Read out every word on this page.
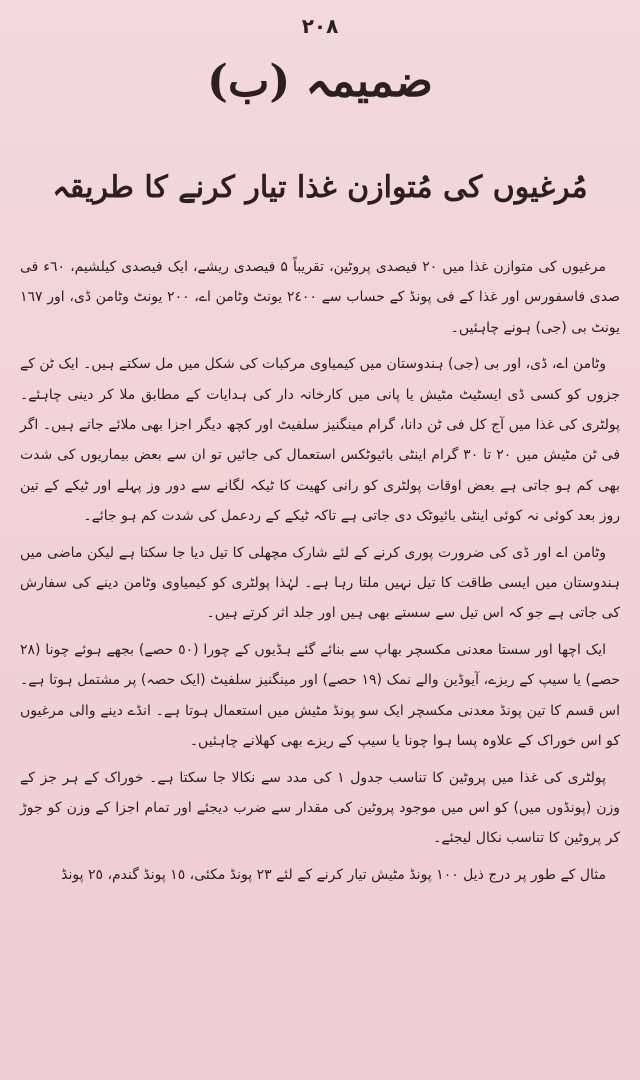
٢٠٨
ضمیمہ (ب)
مُرغیوں کی مُتوازن غذا تیار کرنے کا طریقہ

مرغیوں کی متوازن غذا میں ٢٠ فیصدی پروٹین، تقریباً ۵ فیصدی ریشے، ایک فیصدی کیلشیم، ٦٠ء فی صدی فاسفورس اور غذا کے فی پونڈ کے حساب سے ٢٤٠٠ یونٹ وٹامن اے، ٢٠٠ یونٹ وٹامن ڈی، اور ١٦٧ یونٹ بی (جی) ہونے چاہئیں۔

وٹامن اے، ڈی، اور بی (جی) ہندوستان میں کیمیاوی مرکبات کی شکل میں مل سکتے ہیں۔ ایک ٹن کے جزوں کو کسی ڈی ایسٹیٹ مٹیش یا پانی میں کارخانہ دار کی ہدایات کے مطابق ملا کر دینی چاہئے۔ پولٹری کی غذا میں آج کل فی ٹن دانا، گرام مینگنیز سلفیٹ اور کچھ دیگر اجزا بھی ملائے جاتے ہیں۔ اگر فی ٹن مٹیش میں ۲۰ تا ۳۰ گرام اینٹی بائیوٹکس استعمال کی جائیں تو ان سے بعض بیماریوں کی شدت بھی کم ہو جاتی ہے بعض اوقات پولٹری کو رانی کھیت کا ٹیکہ لگانے سے دور وز پہلے اور ٹیکے کے تین روز بعد کوئی نہ کوئی اینٹی بائیوٹک دی جاتی ہے تاکہ ٹیکے کے ردعمل کی شدت کم ہو جائے۔

وٹامن اے اور ڈی کی ضرورت پوری کرنے کے لئے شارک مچھلی کا تیل دیا جا سکتا ہے لیکن ماضی میں ہندوستان میں ایسی طاقت کا تیل نہیں ملتا رہا ہے۔ لہٰذا پولٹری کو کیمیاوی وٹامن دینے کی سفارش کی جاتی ہے جو کہ اس تیل سے سستے بھی ہیں اور جلد اثر کرتے ہیں۔

ایک اچھا اور سستا معدنی مکسچر بھاپ سے بنائے گئے ہڈیوں کے چورا (٥٠ حصے) بجھے ہوئے چونا (٢٨ حصے) یا سیپ کے ریزے، آیوڈین والے نمک (١٩ حصے) اور مینگنیز سلفیٹ (ایک حصہ) پر مشتمل ہوتا ہے۔ اس قسم کا تین پونڈ معدنی مکسچر ایک سو پونڈ مٹیش میں استعمال ہوتا ہے۔ انڈے دینے والی مرغیوں کو اس خوراک کے علاوہ پسا ہوا چونا یا سیپ کے ریزے بھی کھلانے چاہئیں۔

پولٹری کی غذا میں پروٹین کا تناسب جدول ١ کی مدد سے نکالا جا سکتا ہے۔ خوراک کے ہر جز کے وزن (پونڈوں میں) کو اس میں موجود پروٹین کی مقدار سے ضرب دیجئے اور تمام اجزا کے وزن کو جوڑ کر پروٹین کا تناسب نکال لیجئے۔

مثال کے طور پر درج ذیل ١٠٠ پونڈ مٹیش تیار کرنے کے لئے ٢٣ پونڈ مکئی، ١٥ پونڈ گندم، ٢٥ پونڈ
